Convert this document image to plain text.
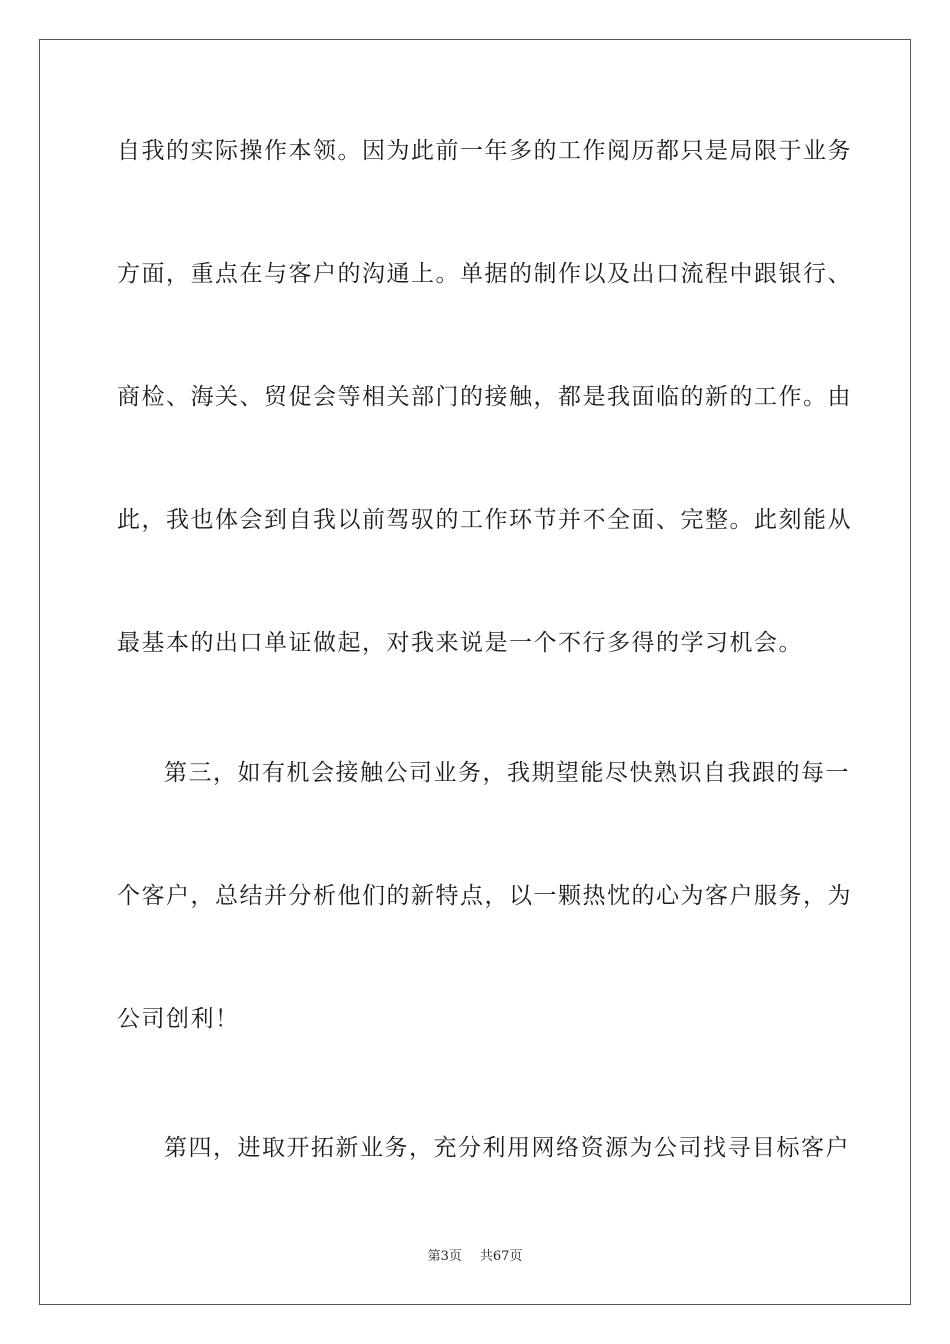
自我的实际操作本领。因为此前一年多的工作阅历都只是局限于业务
方面，重点在与客户的沟通上。单据的制作以及出口流程中跟银行、
商检、海关、贸促会等相关部门的接触，都是我面临的新的工作。由
此，我也体会到自我以前驾驭的工作环节并不全面、完整。此刻能从
最基本的出口单证做起，对我来说是一个不行多得的学习机会。
第三，如有机会接触公司业务，我期望能尽快熟识自我跟的每一
个客户，总结并分析他们的新特点，以一颗热忱的心为客户服务，为
公司创利！
第四，进取开拓新业务，充分利用网络资源为公司找寻目标客户
第3页 共67页
